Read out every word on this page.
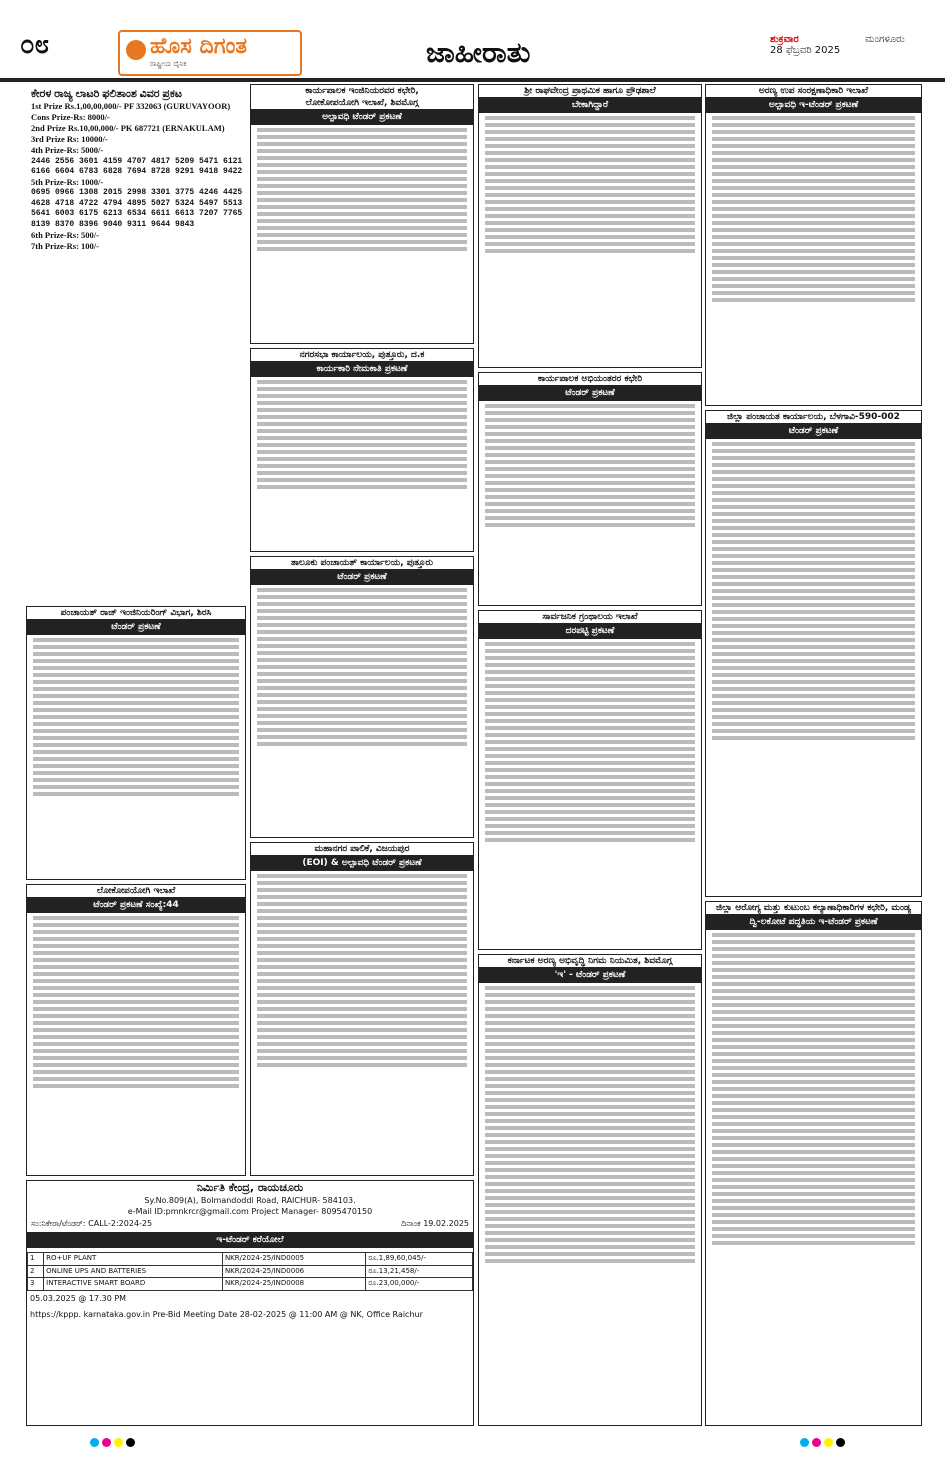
೦೮	ಹೊಸ ದಿಗಂತ
ರಾಷ್ಟ್ರೀಯ ದೈನಿಕ	ಜಾಹೀರಾತು	ಶುಕ್ರವಾರ
28 ಫೆಬ್ರವರಿ 2025
ಮಂಗಳೂರು
ಕೇರಳ ರಾಜ್ಯ ಲಾಟರಿ ಫಲಿತಾಂಶ ವಿವರ ಪ್ರಕಟ
1st Prize Rs.1,00,00,000/- PF 332063 (GURUVAYOOR)
Cons Prize-Rs: 8000/-
2nd Prize Rs.10,00,000/- PK 687721 (ERNAKULAM)
3rd Prize Rs: 10000/-
4th Prize-Rs: 5000/-
2446 2556 3601 4159 4707 4817 5209 5471 6121 6166 6604 6783 6828 7694 8728 9291 9418 9422
5th Prize-Rs: 1000/-
0695 0966 1308 2015 2998 3301 3775 4246 4425 4628 4718 4722 4794 4895 5027 5324 5497 5513 5641 6003 6175 6213 6534 6611 6613 7207 7765 8139 8370 8396 9040 9311 9644 9843
6th Prize-Rs: 500/-
7th Prize-Rs: 100/-
ಕಾರ್ಯಪಾಲಕ ಇಂಜಿನಿಯರವರ ಕಛೇರಿ,
ಲೋಕೋಪಯೋಗಿ ಇಲಾಖೆ, ಶಿವಮೊಗ್ಗ
ಅಲ್ಪಾವಧಿ ಟೆಂಡರ್ ಪ್ರಕಟಣೆ
ಶ್ರೀ ರಾಘವೇಂದ್ರ ಪ್ರಾಥಮಿಕ ಹಾಗೂ ಪ್ರೌಢಶಾಲೆ
ಬೇಕಾಗಿದ್ದಾರೆ
ಅರಣ್ಯ ಉಪ ಸಂರಕ್ಷಣಾಧಿಕಾರಿ ಇಲಾಖೆ
ಅಲ್ಪಾವಧಿ ಇ-ಟೆಂಡರ್ ಪ್ರಕಟಣೆ
ನಗರಸಭಾ ಕಾರ್ಯಾಲಯ, ಪುತ್ತೂರು, ದ.ಕ
ಕಾರ್ಯಕಾರಿ ನೇಮಕಾತಿ ಪ್ರಕಟಣೆ
ಕಾರ್ಯಪಾಲಕ ಅಭಿಯಂತರರ ಕಛೇರಿ
ಟೆಂಡರ್ ಪ್ರಕಟಣೆ
ಜಿಲ್ಲಾ ಪಂಚಾಯತ ಕಾರ್ಯಾಲಯ, ಬೆಳಗಾವಿ-590-002
ಟೆಂಡರ್ ಪ್ರಕಟಣೆ
ಪಂಚಾಯತ್ ರಾಜ್ ಇಂಜಿನಿಯರಿಂಗ್ ವಿಭಾಗ, ಶಿರಸಿ
ಟೆಂಡರ್ ಪ್ರಕಟಣೆ
ತಾಲೂಕು ಪಂಚಾಯತ್ ಕಾರ್ಯಾಲಯ, ಪುತ್ತೂರು
ಟೆಂಡರ್ ಪ್ರಕಟಣೆ
ಸಾರ್ವಜನಿಕ ಗ್ರಂಥಾಲಯ ಇಲಾಖೆ
ದರಪಟ್ಟಿ ಪ್ರಕಟಣೆ
ಲೋಕೋಪಯೋಗಿ ಇಲಾಖೆ
ಟೆಂಡರ್ ಪ್ರಕಟಣೆ ಸಂಖ್ಯೆ:44
ಮಹಾನಗರ ಪಾಲಿಕೆ, ವಿಜಯಪುರ
(EOI) & ಅಲ್ಪಾವಧಿ ಟೆಂಡರ್ ಪ್ರಕಟಣೆ
ಕರ್ನಾಟಕ ಅರಣ್ಯ ಅಭಿವೃದ್ಧಿ ನಿಗಮ ನಿಯಮಿತ, ಶಿವಮೊಗ್ಗ
'ಇ' - ಟೆಂಡರ್ ಪ್ರಕಟಣೆ
ಜಿಲ್ಲಾ ಆರೋಗ್ಯ ಮತ್ತು ಕುಟುಂಬ ಕಲ್ಯಾಣಾಧಿಕಾರಿಗಳ ಕಛೇರಿ, ಮಂಡ್ಯ
ದ್ವಿ-ಲಕೋಟೆ ಪದ್ಧತಿಯ ಇ-ಟೆಂಡರ್ ಪ್ರಕಟಣೆ
ನಿರ್ಮಿತಿ ಕೇಂದ್ರ, ರಾಯಚೂರು
Sy.No.809(A), Bolmandoddi Road, RAICHUR- 584103.
e-Mail ID:pmnkrcr@gmail.com Project Manager- 8095470150
ಸಂ:ನಿಕೇರಾ/ಟೆಂಡರ್: CALL-2:2024-25	ದಿನಾಂಕ 19.02.2025
ಇ-ಟೆಂಡರ್ ಕರೆಯೋಲೆ
1	RO+UF PLANT	NKR/2024-25/IND0005	ರೂ.1,89,60,045/-
2	ONLINE UPS AND BATTERIES	NKR/2024-25/IND0006	ರೂ.13,21,458/-
3	INTERACTIVE SMART BOARD	NKR/2024-25/IND0008	ರೂ.23,00,000/-
05.03.2025 @ 17.30 PM
https://kppp. karnataka.gov.in Pre-Bid Meeting Date 28-02-2025 @ 11:00 AM @ NK, Office Raichur
